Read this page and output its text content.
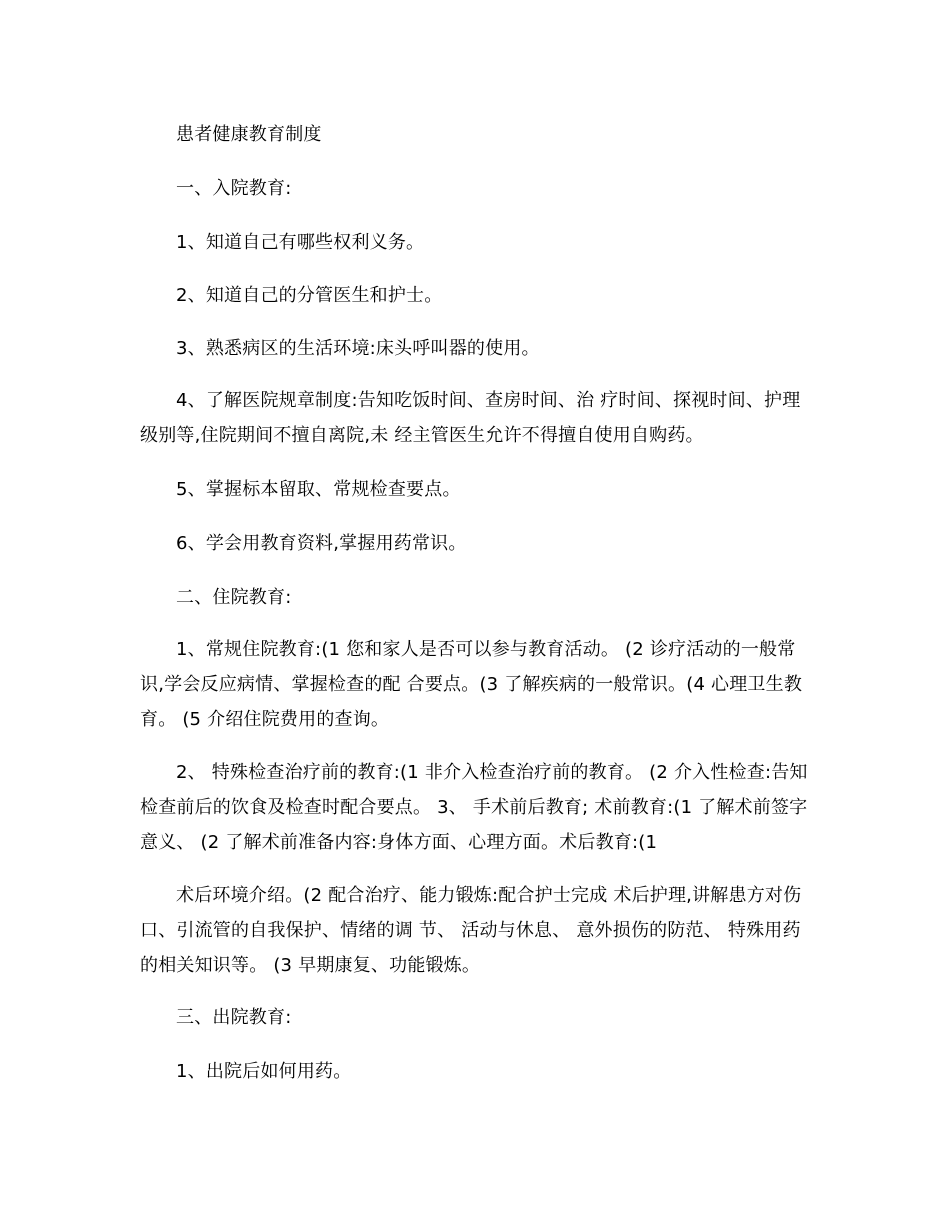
患者健康教育制度

一、入院教育:

1、知道自己有哪些权利义务。

2、知道自己的分管医生和护士。

3、熟悉病区的生活环境:床头呼叫器的使用。

4、了解医院规章制度:告知吃饭时间、查房时间、治 疗时间、探视时间、护理级别等,住院期间不擅自离院,未 经主管医生允许不得擅自使用自购药。

5、掌握标本留取、常规检查要点。

6、学会用教育资料,掌握用药常识。

二、住院教育:

1、常规住院教育:(1 您和家人是否可以参与教育活动。 (2 诊疗活动的一般常识,学会反应病情、掌握检查的配 合要点。(3 了解疾病的一般常识。(4 心理卫生教育。 (5 介绍住院费用的查询。

2、 特殊检查治疗前的教育:(1 非介入检查治疗前的教育。 (2 介入性检查:告知检查前后的饮食及检查时配合要点。 3、 手术前后教育; 术前教育:(1 了解术前签字意义、 (2 了解术前准备内容:身体方面、心理方面。术后教育:(1

术后环境介绍。(2 配合治疗、能力锻炼:配合护士完成 术后护理,讲解患方对伤口、引流管的自我保护、情绪的调 节、 活动与休息、 意外损伤的防范、 特殊用药的相关知识等。 (3 早期康复、功能锻炼。

三、出院教育:

1、出院后如何用药。
